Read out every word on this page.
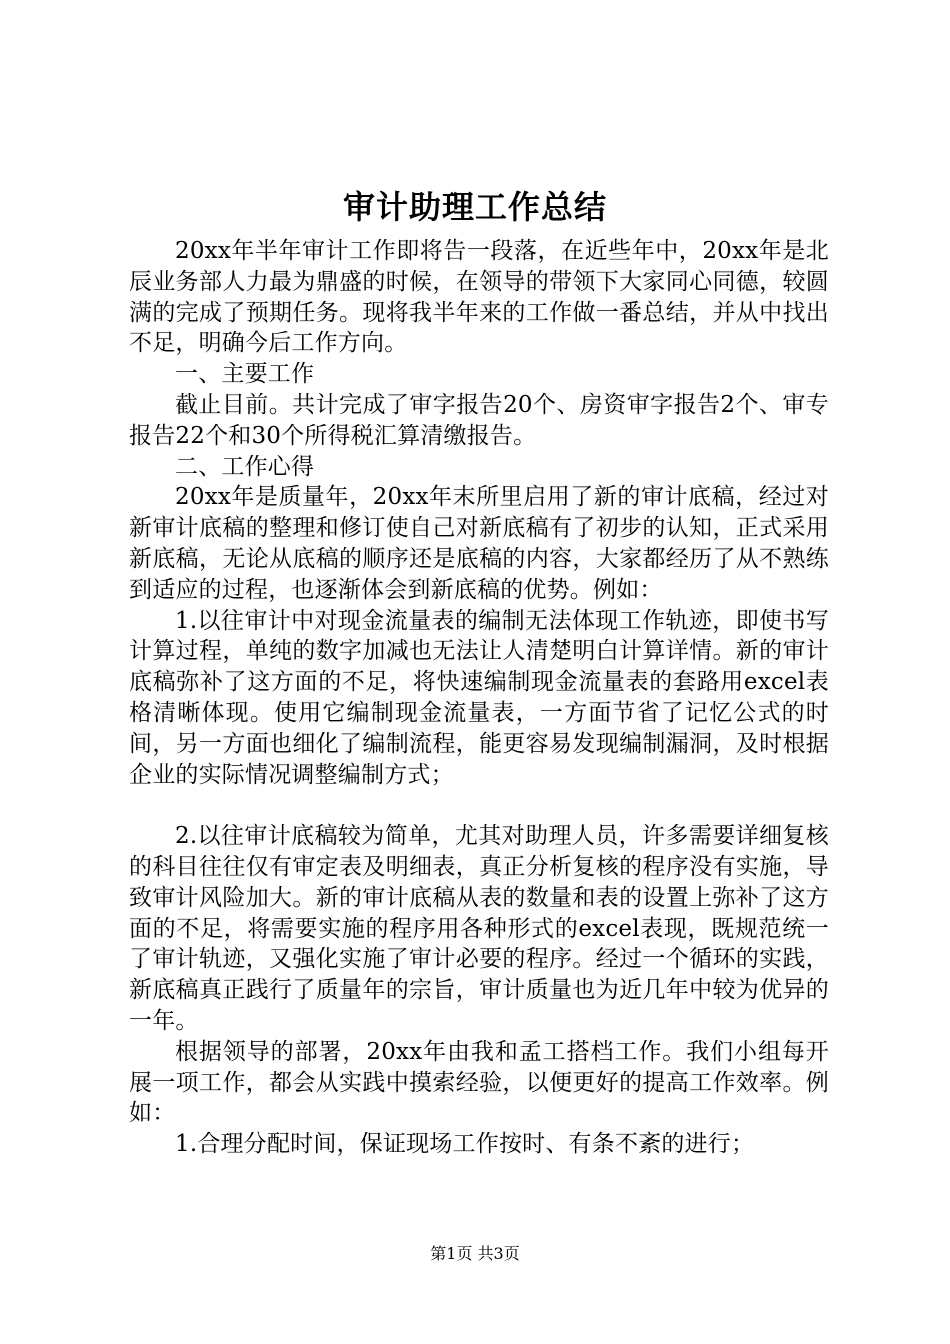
审计助理工作总结

20xx年半年审计工作即将告一段落，在近些年中，20xx年是北辰业务部人力最为鼎盛的时候，在领导的带领下大家同心同德，较圆满的完成了预期任务。现将我半年来的工作做一番总结，并从中找出不足，明确今后工作方向。

一、主要工作

截止目前。共计完成了审字报告20个、房资审字报告2个、审专报告22个和30个所得税汇算清缴报告。

二、工作心得

20xx年是质量年，20xx年末所里启用了新的审计底稿，经过对新审计底稿的整理和修订使自己对新底稿有了初步的认知，正式采用新底稿，无论从底稿的顺序还是底稿的内容，大家都经历了从不熟练到适应的过程，也逐渐体会到新底稿的优势。例如：

1.以往审计中对现金流量表的编制无法体现工作轨迹，即使书写计算过程，单纯的数字加减也无法让人清楚明白计算详情。新的审计底稿弥补了这方面的不足，将快速编制现金流量表的套路用excel表格清晰体现。使用它编制现金流量表，一方面节省了记忆公式的时间，另一方面也细化了编制流程，能更容易发现编制漏洞，及时根据企业的实际情况调整编制方式；

2.以往审计底稿较为简单，尤其对助理人员，许多需要详细复核的科目往往仅有审定表及明细表，真正分析复核的程序没有实施，导致审计风险加大。新的审计底稿从表的数量和表的设置上弥补了这方面的不足，将需要实施的程序用各种形式的excel表现，既规范统一了审计轨迹，又强化实施了审计必要的程序。经过一个循环的实践，新底稿真正践行了质量年的宗旨，审计质量也为近几年中较为优异的一年。

根据领导的部署，20xx年由我和孟工搭档工作。我们小组每开展一项工作，都会从实践中摸索经验，以便更好的提高工作效率。例如：

1.合理分配时间，保证现场工作按时、有条不紊的进行；

第1页 共3页
